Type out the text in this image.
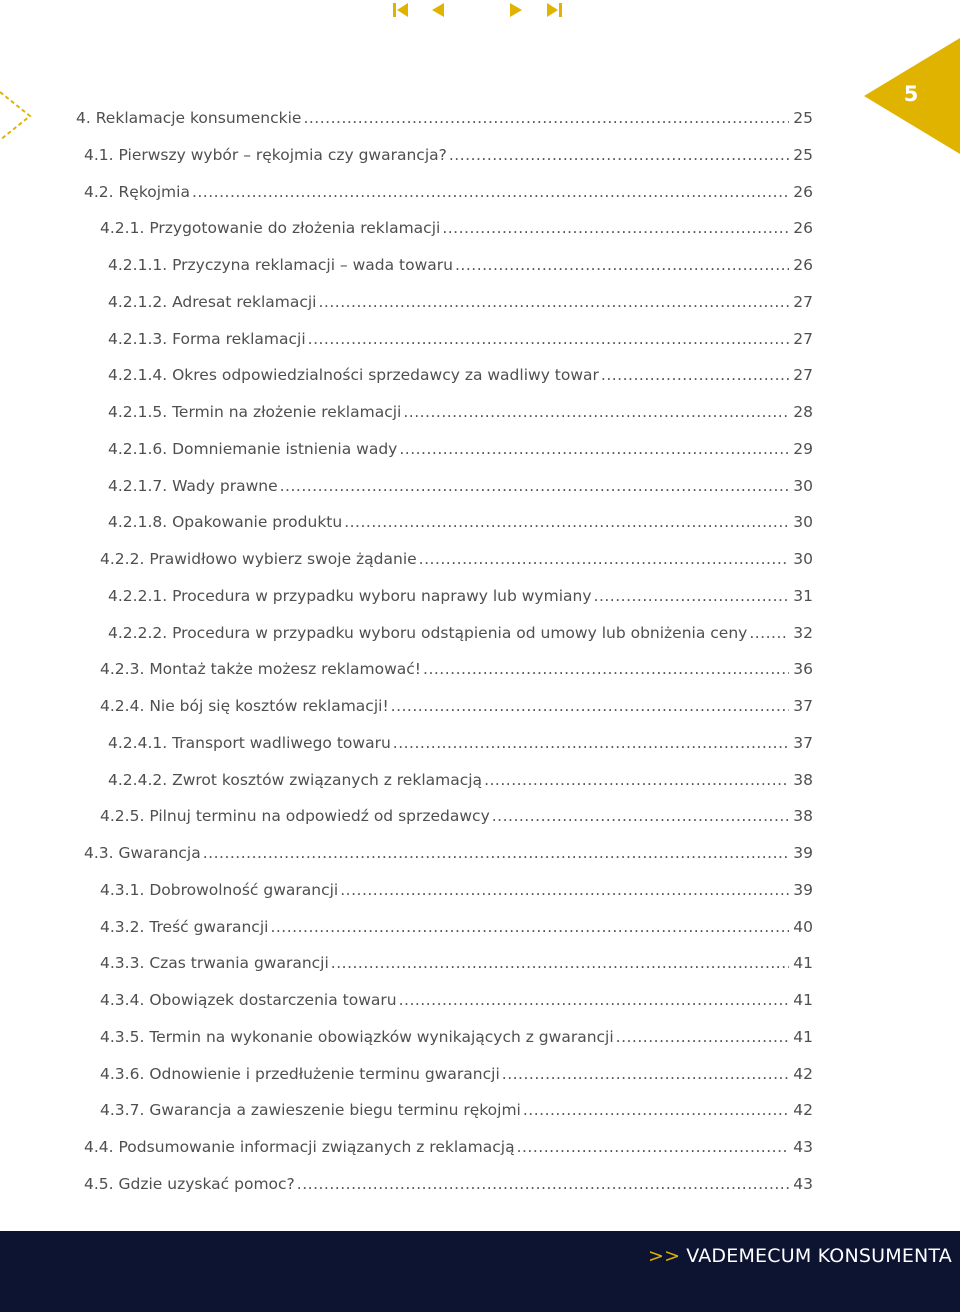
5
4. Reklamacje konsumenckie .....	25
4.1. Pierwszy wybór – rękojmia czy gwarancja? .....	25
4.2. Rękojmia .....	26
4.2.1. Przygotowanie do złożenia reklamacji .....	26
4.2.1.1. Przyczyna reklamacji – wada towaru .....	26
4.2.1.2. Adresat reklamacji .....	27
4.2.1.3. Forma reklamacji .....	27
4.2.1.4. Okres odpowiedzialności sprzedawcy za wadliwy towar .....	27
4.2.1.5. Termin na złożenie reklamacji .....	28
4.2.1.6. Domniemanie istnienia wady .....	29
4.2.1.7. Wady prawne .....	30
4.2.1.8. Opakowanie produktu .....	30
4.2.2. Prawidłowo wybierz swoje żądanie .....	30
4.2.2.1. Procedura w przypadku wyboru naprawy lub wymiany .....	31
4.2.2.2. Procedura w przypadku wyboru odstąpienia od umowy lub obniżenia ceny .....	32
4.2.3. Montaż także możesz reklamować! .....	36
4.2.4. Nie bój się kosztów reklamacji! .....	37
4.2.4.1. Transport wadliwego towaru .....	37
4.2.4.2. Zwrot kosztów związanych z reklamacją .....	38
4.2.5. Pilnuj terminu na odpowiedź od sprzedawcy .....	38
4.3. Gwarancja .....	39
4.3.1. Dobrowolność gwarancji .....	39
4.3.2. Treść gwarancji .....	40
4.3.3. Czas trwania gwarancji .....	41
4.3.4. Obowiązek dostarczenia towaru .....	41
4.3.5. Termin na wykonanie obowiązków wynikających z gwarancji .....	41
4.3.6. Odnowienie i przedłużenie terminu gwarancji .....	42
4.3.7. Gwarancja a zawieszenie biegu terminu rękojmi .....	42
4.4. Podsumowanie informacji związanych z reklamacją .....	43
4.5. Gdzie uzyskać pomoc? .....	43
>> VADEMECUM KONSUMENTA
